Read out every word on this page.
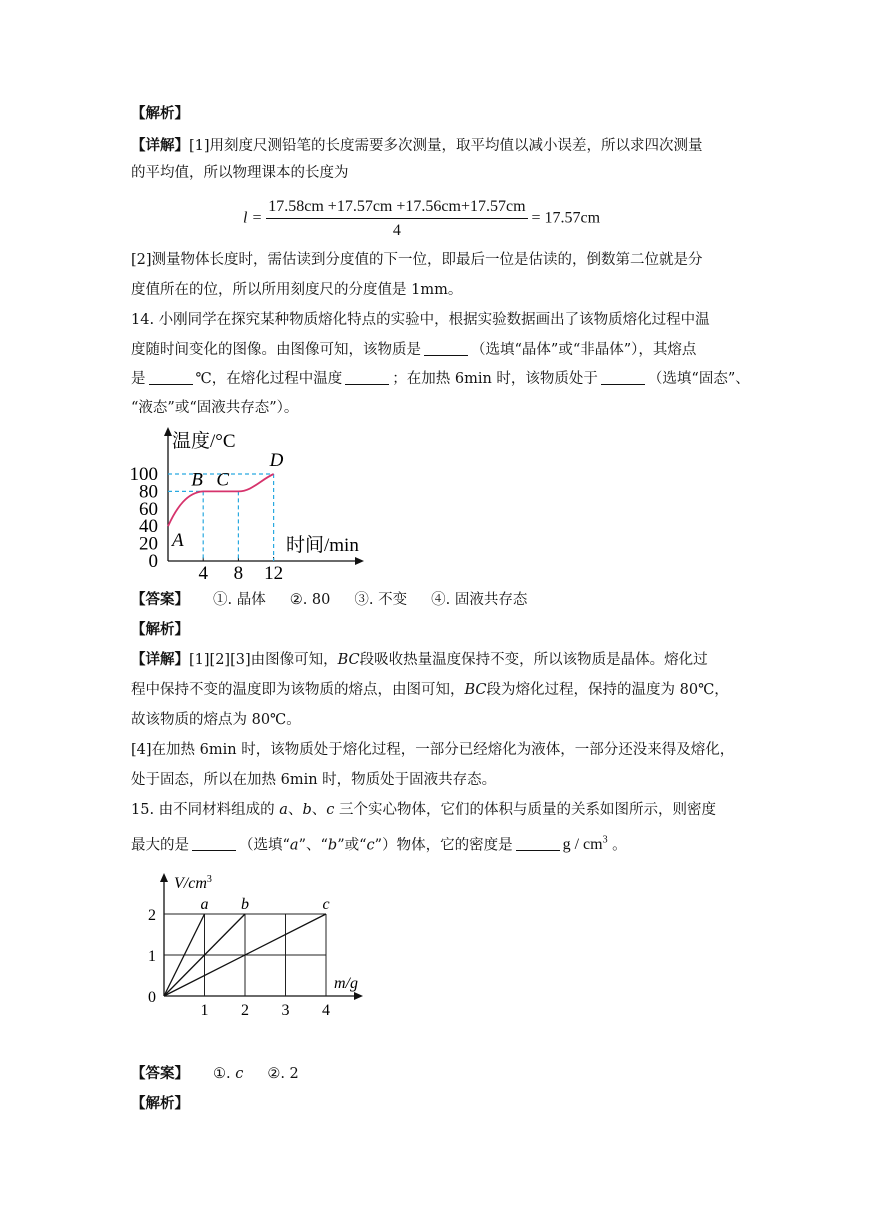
【解析】
【详解】[1]用刻度尺测铅笔的长度需要多次测量，取平均值以减小误差，所以求四次测量
的平均值，所以物理课本的长度为
$l = \frac{17.58cm +17.57cm +17.56cm+17.57cm}{4} = 17.57cm$
[2]测量物体长度时，需估读到分度值的下一位，即最后一位是估读的，倒数第二位就是分
度值所在的位，所以所用刻度尺的分度值是 1mm。
14. 小刚同学在探究某种物质熔化特点的实验中，根据实验数据画出了该物质熔化过程中温
度随时间变化的图像。由图像可知，该物质是	（选填“晶体”或“非晶体”），其熔点
是	℃，在熔化过程中温度	；在加热 6min 时，该物质处于	（选填“固态”、
“液态”或“固液共存态”）。
温度/°C
时间/min
0
20
40
60
80
100
4 8 12
A
B C
D
【答案】 ①. 晶体 ②. 80 ③. 不变 ④. 固液共存态
【解析】
【详解】[1][2][3]由图像可知，BC段吸收热量温度保持不变，所以该物质是晶体。熔化过
程中保持不变的温度即为该物质的熔点，由图可知，BC段为熔化过程，保持的温度为 80℃，
故该物质的熔点为 80℃。
[4]在加热 6min 时，该物质处于熔化过程，一部分已经熔化为液体，一部分还没来得及熔化，
处于固态，所以在加热 6min 时，物质处于固液共存态。
15. 由不同材料组成的 a、b、c 三个实心物体，它们的体积与质量的关系如图所示，则密度
最大的是	（选填“a”、“b”或“c”）物体，它的密度是	g / $cm^3$ 。
$V/cm^3$
m/g
2
1
0
1 2 3 4
a b	c
【答案】 ①. c ②. 2
【解析】
